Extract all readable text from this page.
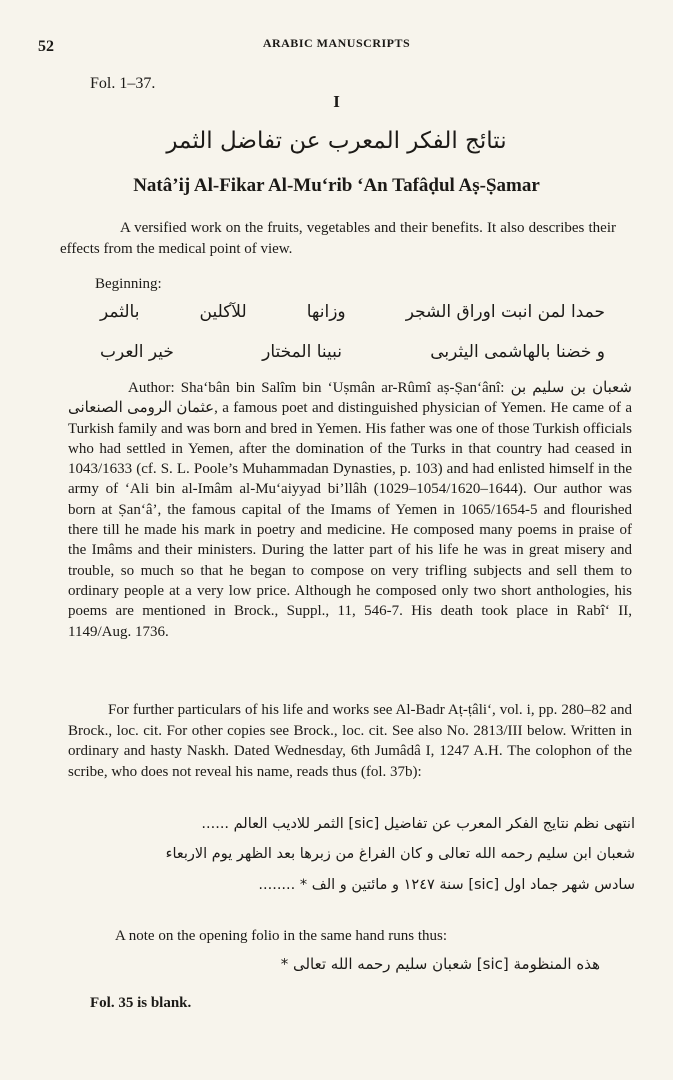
52	ARABIC MANUSCRIPTS
Fol. 1–37.
I
نتائج الفكر المعرب عن تفاضل الثمر
Natâ’ij Al-Fikar Al-Mu‘rib ‘An Tafâḍul Aṣ-Ṣamar

A versified work on the fruits, vegetables and their benefits. It also describes their effects from the medical point of view.

Beginning:
حمدا لمن انبت اوراق الشجر
وزانها
للآكلين
بالثمر
و خضنا بالهاشمى اليثربى
نبينا المختار
خير العرب

Author: Sha‘bân bin Salîm bin ‘Uṣmân ar-Rûmî aṣ-Ṣan‘ânî: شعبان بن سليم بن عثمان الرومى الصنعانى, a famous poet and distinguished physician of Yemen. He came of a Turkish family and was born and bred in Yemen. His father was one of those Turkish officials who had settled in Yemen, after the domination of the Turks in that country had ceased in 1043/1633 (cf. S. L. Poole’s Muhammadan Dynasties, p. 103) and had enlisted himself in the army of ‘Ali bin al-Imâm al-Mu‘aiyyad bi’llâh (1029–1054/1620–1644). Our author was born at Ṣan‘â’, the famous capital of the Imams of Yemen in 1065/1654-5 and flourished there till he made his mark in poetry and medicine. He composed many poems in praise of the Imâms and their ministers. During the latter part of his life he was in great misery and trouble, so much so that he began to compose on very trifling subjects and sell them to ordinary people at a very low price. Although he composed only two short anthologies, his poems are mentioned in Brock., Suppl., 11, 546-7. His death took place in Rabî‘ II, 1149/Aug. 1736.

For further particulars of his life and works see Al-Badr Aṭ-ṭâli‘, vol. i, pp. 280–82 and Brock., loc. cit. For other copies see Brock., loc. cit. See also No. 2813/III below. Written in ordinary and hasty Naskh. Dated Wednesday, 6th Jumâdâ I, 1247 A.H. The colophon of the scribe, who does not reveal his name, reads thus (fol. 37b):

انتهى نظم نتايج الفكر المعرب عن تفاضيل [sic] الثمر للاديب العالم ......
شعبان ابن سليم رحمه الله تعالى و كان الفراغ من زبرها بعد الظهر يوم الاربعاء
سادس شهر جماد اول [sic] سنة ١٢٤٧ و مائتين و الف * ........
A note on the opening folio in the same hand runs thus:
هذه المنظومة [sic] شعبان سليم رحمه الله تعالى *
Fol. 35 is blank.
